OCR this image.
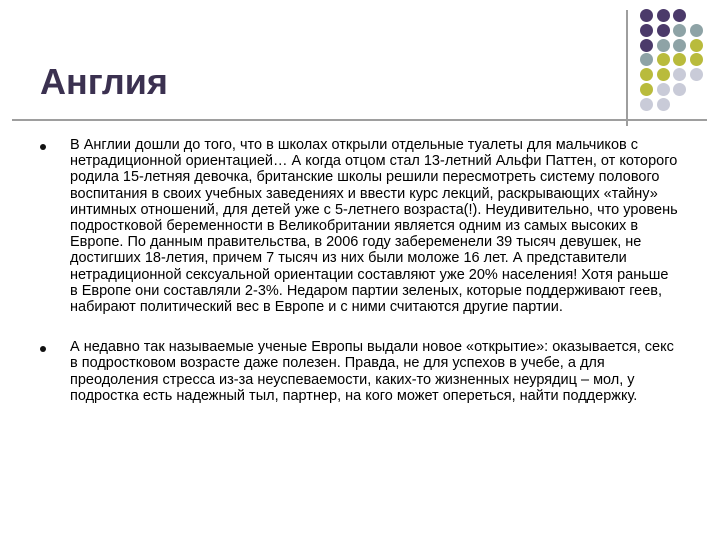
Англия

В Англии дошли до того, что в школах открыли отдельные туалеты для мальчиков с нетрадиционной ориентацией… А когда отцом стал 13-летний Альфи Паттен, от которого родила 15-летняя девочка, британские школы решили пересмотреть систему полового воспитания в своих учебных заведениях и ввести курс лекций, раскрывающих «тайну» интимных отношений, для детей уже с 5-летнего возраста(!). Неудивительно, что уровень подростковой беременности в Великобритании является одним из самых высоких в Европе. По данным правительства, в 2006 году забеременели 39 тысяч девушек, не достигших 18-летия, причем 7 тысяч из них были моложе 16 лет. А представители нетрадиционной сексуальной ориентации составляют уже 20% населения! Хотя раньше в Европе они составляли 2-3%. Недаром партии зеленых, которые поддерживают геев, набирают политический вес в Европе и с ними считаются другие партии.

А недавно так называемые ученые Европы выдали новое «открытие»: оказывается, секс в подростковом возрасте даже полезен. Правда, не для успехов в учебе, а для преодоления стресса из-за неуспеваемости, каких-то жизненных неурядиц – мол, у подростка есть надежный тыл, партнер, на кого может опереться, найти поддержку.
